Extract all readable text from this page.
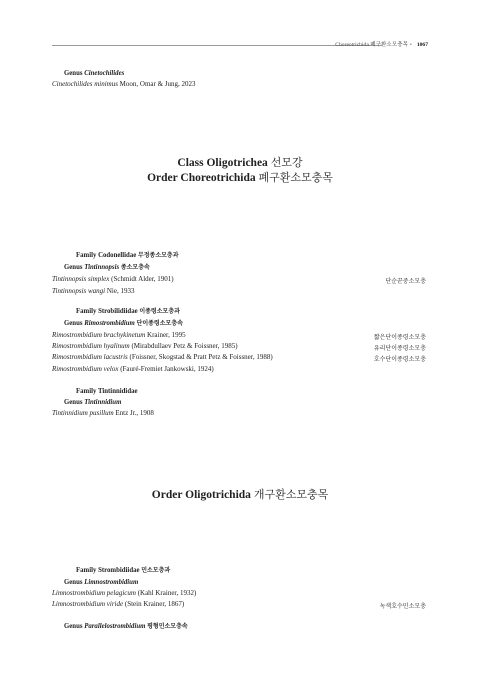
Choreotrichida 폐구환소모충목 • 1067
Genus Cinetochilides
Cinetochilides minimus Moon, Omar & Jung, 2023
Class Oligotrichea 선모강
Order Choreotrichida 폐구환소모충목
Family Codonellidae 무정종소모충과
Genus Tintinnopsis 종소모충속
Tintinnopsis simplex (Schmidt Alder, 1901)	단순꾼중소모충
Tintinnopsis wangi Nie, 1933
Family Strobilidiidae 이종령소모충과
Genus Rimostrombidium 단이종령소모충속
Rimostrombidium brachykinetum Krainer, 1995	짧은단이종령소모충
Rimostrombidium hyalinum (Mirabdullaev Petz & Foissner, 1985)	유리단이종령소모충
Rimostrombidium lacustris (Foissner, Skogstad & Pratt Petz & Foissner, 1988)	호수단이종령소모충
Rimostrombidium velox (Fauré-Fremiet Jankowski, 1924)
Family Tintinnididae
Genus Tintinnidium
Tintinnidium pusillum Entz Jr., 1908
Order Oligotrichida 개구환소모충목
Family Strombidiidae 민소모충과
Genus Limnostrombidium
Limnostrombidium pelagicum (Kahl Krainer, 1932)
Limnostrombidium viride (Stein Krainer, 1867)	녹색호수민소모충
Genus Parallelostrombidium 평형민소모충속
